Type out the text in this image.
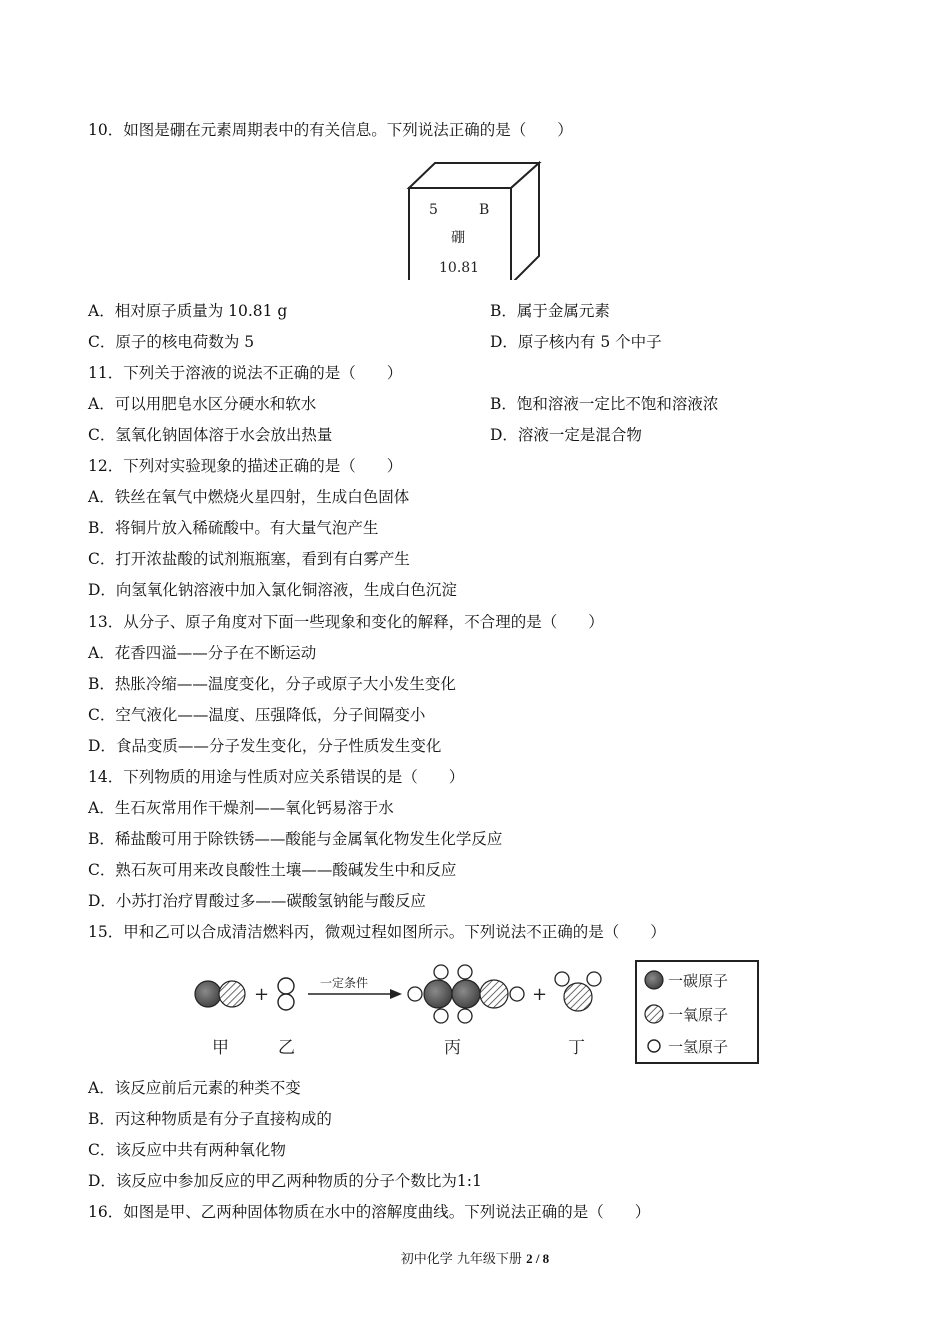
10．如图是硼在元素周期表中的有关信息。下列说法正确的是（　　）
5	B
硼
10.81
A．相对原子质量为 10.81 g	B．属于金属元素
C．原子的核电荷数为 5	D．原子核内有 5 个中子
11．下列关于溶液的说法不正确的是（　　）
A．可以用肥皂水区分硬水和软水	B．饱和溶液一定比不饱和溶液浓
C．氢氧化钠固体溶于水会放出热量	D．溶液一定是混合物
12．下列对实验现象的描述正确的是（　　）
A．铁丝在氧气中燃烧火星四射，生成白色固体
B．将铜片放入稀硫酸中。有大量气泡产生
C．打开浓盐酸的试剂瓶瓶塞，看到有白雾产生
D．向氢氧化钠溶液中加入氯化铜溶液，生成白色沉淀
13．从分子、原子角度对下面一些现象和变化的解释，不合理的是（　　）
A．花香四溢——分子在不断运动
B．热胀冷缩——温度变化，分子或原子大小发生变化
C．空气液化——温度、压强降低，分子间隔变小
D．食品变质——分子发生变化，分子性质发生变化
14．下列物质的用途与性质对应关系错误的是（　　）
A．生石灰常用作干燥剂——氧化钙易溶于水
B．稀盐酸可用于除铁锈——酸能与金属氧化物发生化学反应
C．熟石灰可用来改良酸性土壤——酸碱发生中和反应
D．小苏打治疗胃酸过多——碳酸氢钠能与酸反应
15．甲和乙可以合成清洁燃料丙，微观过程如图所示。下列说法不正确的是（　　）
+
一定条件
+
甲	乙	丙	丁
一碳原子
一氧原子
一氢原子
A．该反应前后元素的种类不变
B．丙这种物质是有分子直接构成的
C．该反应中共有两种氧化物
D．该反应中参加反应的甲乙两种物质的分子个数比为1:1
16．如图是甲、乙两种固体物质在水中的溶解度曲线。下列说法正确的是（　　）
初中化学 九年级下册 2 / 8
